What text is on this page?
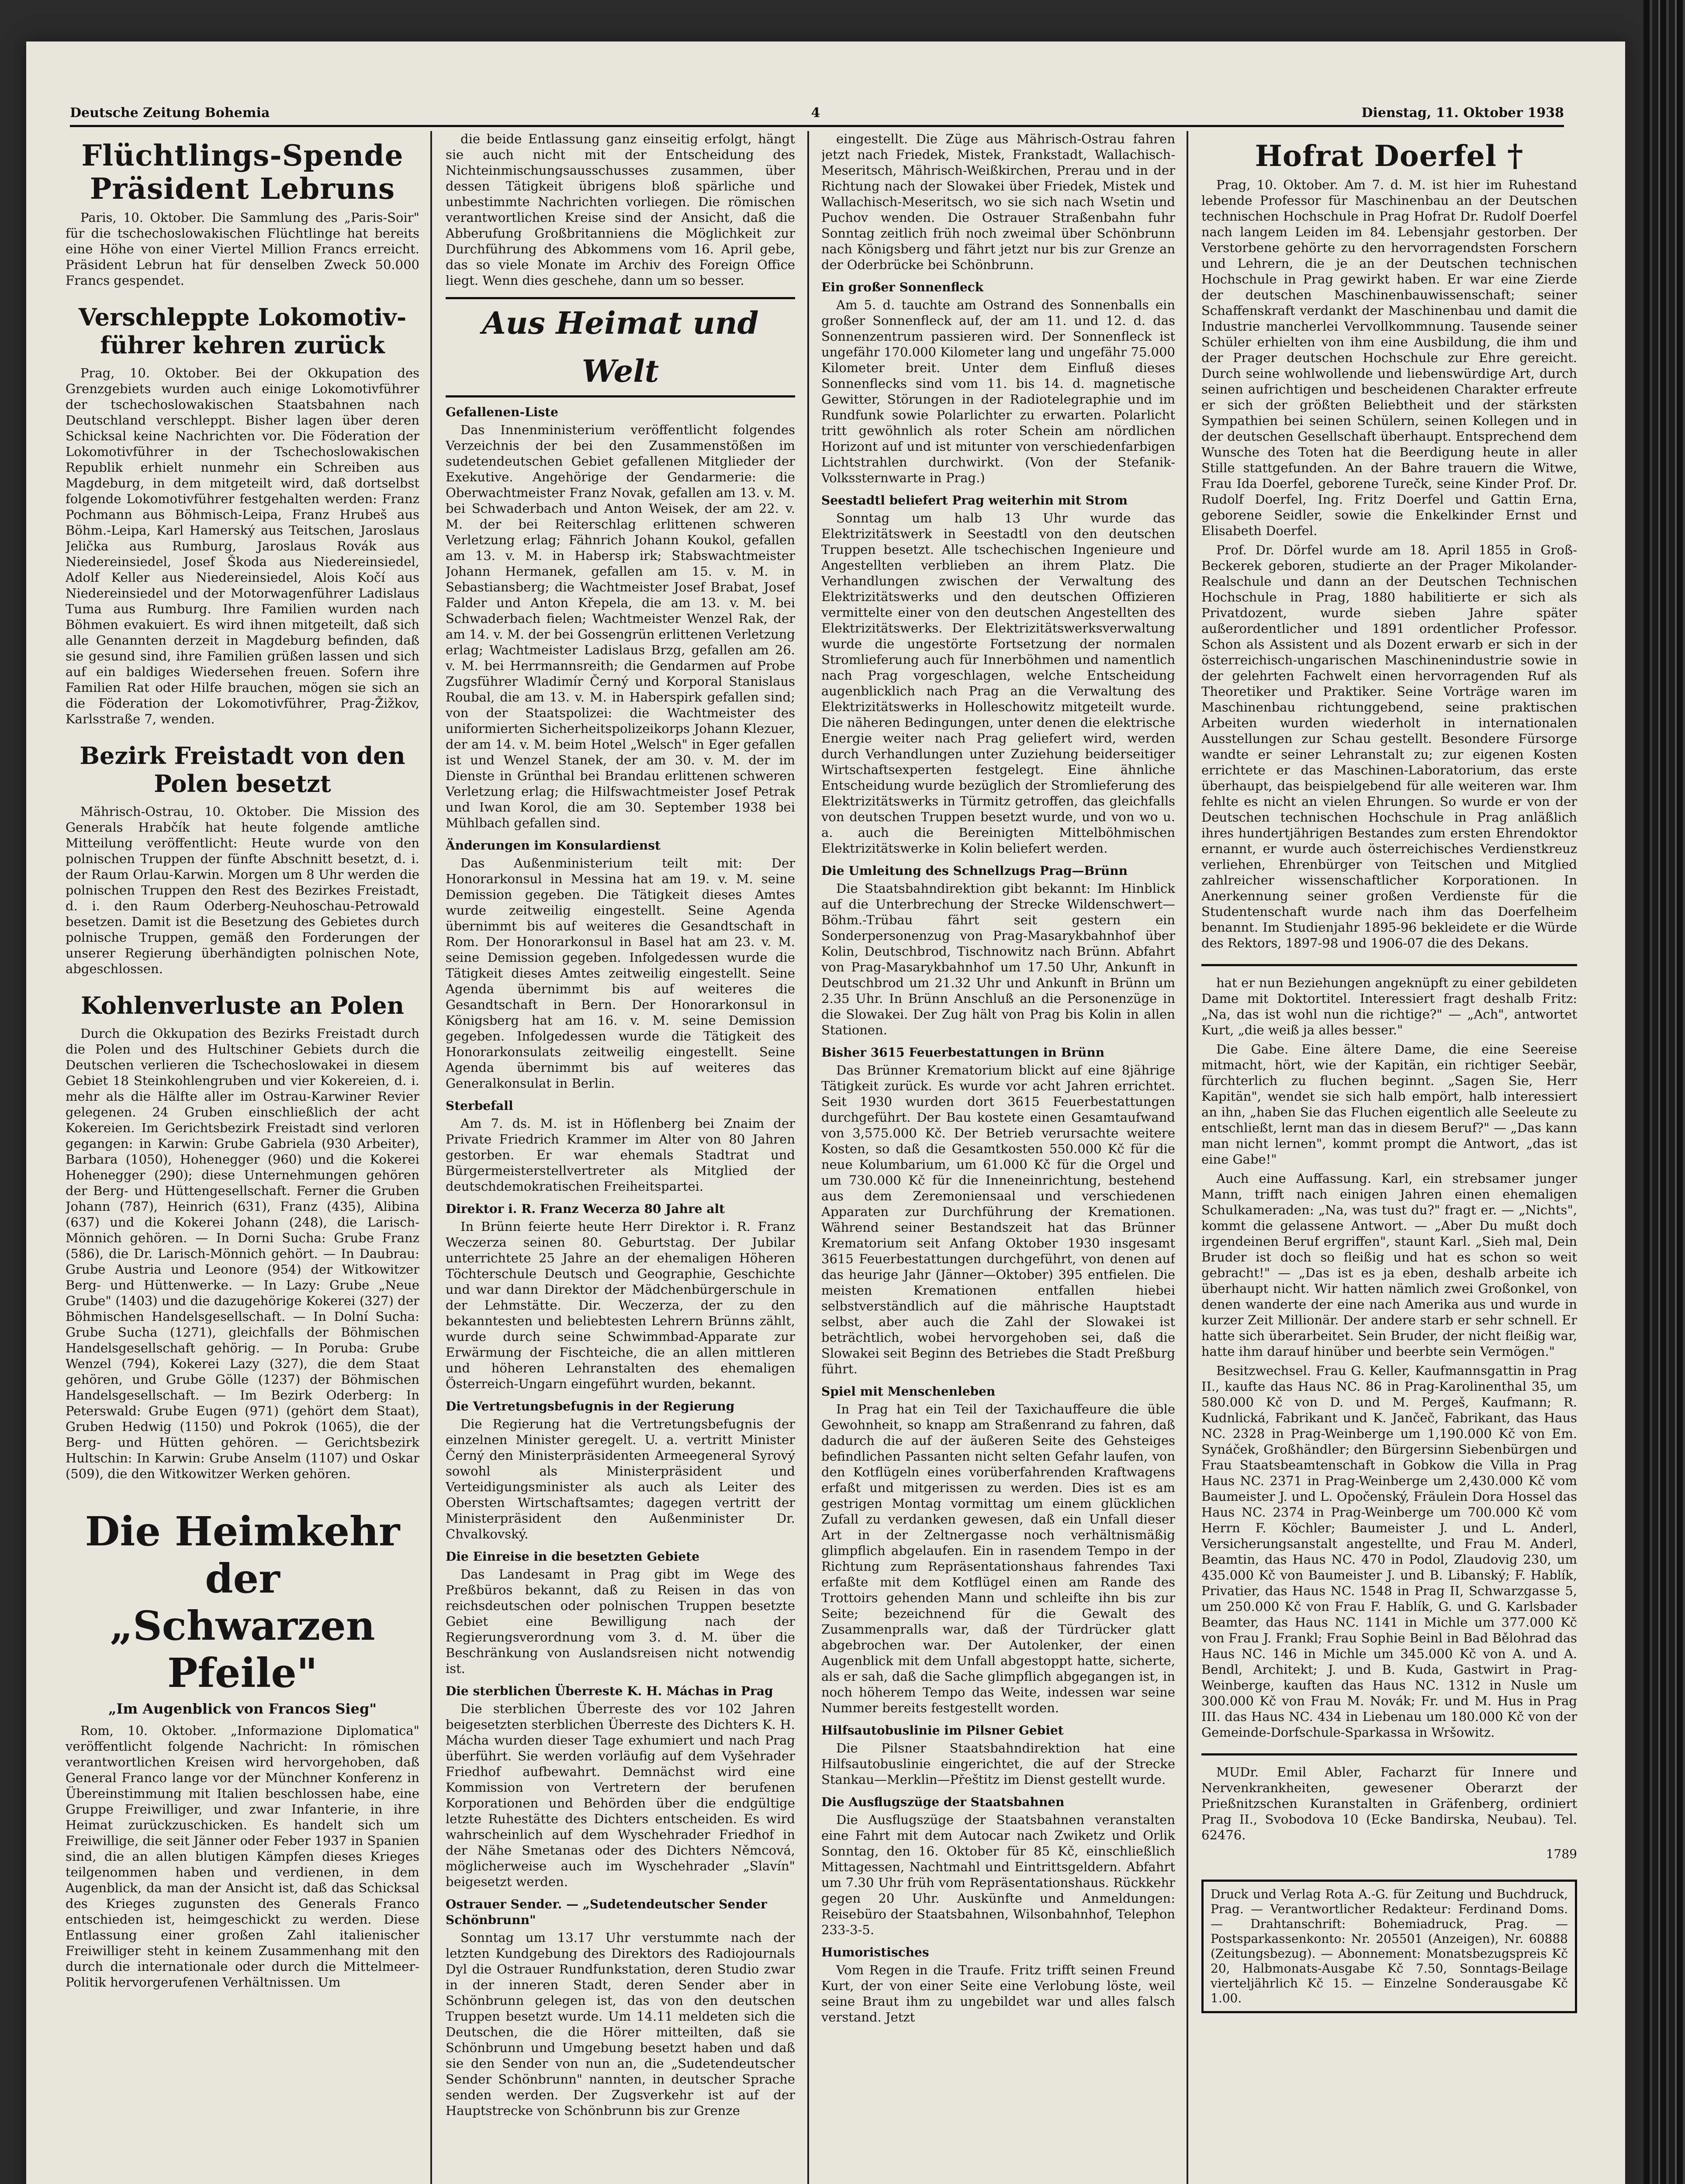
Deutsche Zeitung Bohemia	4	Dienstag, 11. Oktober 1938
Flüchtlings-Spende
Präsident Lebruns

Paris, 10. Oktober. Die Sammlung des „Paris-Soir" für die tschechoslowakischen Flüchtlinge hat bereits eine Höhe von einer Viertel Million Francs erreicht. Präsident Lebrun hat für denselben Zweck 50.000 Francs gespendet.

Verschleppte Lokomotiv-
führer kehren zurück

Prag, 10. Oktober. Bei der Okkupation des Grenzgebiets wurden auch einige Lokomotivführer der tschechoslowakischen Staatsbahnen nach Deutschland verschleppt. Bisher lagen über deren Schicksal keine Nachrichten vor. Die Föderation der Lokomotivführer in der Tschechoslowakischen Republik erhielt nunmehr ein Schreiben aus Magdeburg, in dem mitgeteilt wird, daß dortselbst folgende Lokomotivführer festgehalten werden: Franz Pochmann aus Böhmisch-Leipa, Franz Hrubeš aus Böhm.-Leipa, Karl Hamerský aus Teitschen, Jaroslaus Jelička aus Rumburg, Jaroslaus Rovák aus Niedereinsiedel, Josef Škoda aus Niedereinsiedel, Adolf Keller aus Niedereinsiedel, Alois Kočí aus Niedereinsiedel und der Motorwagenführer Ladislaus Tuma aus Rumburg. Ihre Familien wurden nach Böhmen evakuiert. Es wird ihnen mitgeteilt, daß sich alle Genannten derzeit in Magdeburg befinden, daß sie gesund sind, ihre Familien grüßen lassen und sich auf ein baldiges Wiedersehen freuen. Sofern ihre Familien Rat oder Hilfe brauchen, mögen sie sich an die Föderation der Lokomotivführer, Prag-Žižkov, Karlsstraße 7, wenden.

Bezirk Freistadt von den
Polen besetzt

Mährisch-Ostrau, 10. Oktober. Die Mission des Generals Hrabčík hat heute folgende amtliche Mitteilung veröffentlicht: Heute wurde von den polnischen Truppen der fünfte Abschnitt besetzt, d. i. der Raum Orlau-Karwin. Morgen um 8 Uhr werden die polnischen Truppen den Rest des Bezirkes Freistadt, d. i. den Raum Oderberg-Neuhoschau-Petrowald besetzen. Damit ist die Besetzung des Gebietes durch polnische Truppen, gemäß den Forderungen der unserer Regierung überhändigten polnischen Note, abgeschlossen.

Kohlenverluste an Polen

Durch die Okkupation des Bezirks Freistadt durch die Polen und des Hultschiner Gebiets durch die Deutschen verlieren die Tschechoslowakei in diesem Gebiet 18 Steinkohlengruben und vier Kokereien, d. i. mehr als die Hälfte aller im Ostrau-Karwiner Revier gelegenen. 24 Gruben einschließlich der acht Kokereien. Im Gerichtsbezirk Freistadt sind verloren gegangen: in Karwin: Grube Gabriela (930 Arbeiter), Barbara (1050), Hohenegger (960) und die Kokerei Hohenegger (290); diese Unternehmungen gehören der Berg- und Hüttengesellschaft. Ferner die Gruben Johann (787), Heinrich (631), Franz (435), Alibina (637) und die Kokerei Johann (248), die Larisch-Mönnich gehören. — In Dorni Sucha: Grube Franz (586), die Dr. Larisch-Mönnich gehört. — In Daubrau: Grube Austria und Leonore (954) der Witkowitzer Berg- und Hüttenwerke. — In Lazy: Grube „Neue Grube" (1403) und die dazugehörige Kokerei (327) der Böhmischen Handelsgesellschaft. — In Dolní Sucha: Grube Sucha (1271), gleichfalls der Böhmischen Handelsgesellschaft gehörig. — In Poruba: Grube Wenzel (794), Kokerei Lazy (327), die dem Staat gehören, und Grube Gölle (1237) der Böhmischen Handelsgesellschaft. — Im Bezirk Oderberg: In Peterswald: Grube Eugen (971) (gehört dem Staat), Gruben Hedwig (1150) und Pokrok (1065), die der Berg- und Hütten gehören. — Gerichtsbezirk Hultschin: In Karwin: Grube Anselm (1107) und Oskar (509), die den Witkowitzer Werken gehören.

Die Heimkehr
der „Schwarzen Pfeile"
„Im Augenblick von Francos Sieg"

Rom, 10. Oktober. „Informazione Diplomatica" veröffentlicht folgende Nachricht: In römischen verantwortlichen Kreisen wird hervorgehoben, daß General Franco lange vor der Münchner Konferenz in Übereinstimmung mit Italien beschlossen habe, eine Gruppe Freiwilliger, und zwar Infanterie, in ihre Heimat zurückzuschicken. Es handelt sich um Freiwillige, die seit Jänner oder Feber 1937 in Spanien sind, die an allen blutigen Kämpfen dieses Krieges teilgenommen haben und verdienen, in dem Augenblick, da man der Ansicht ist, daß das Schicksal des Krieges zugunsten des Generals Franco entschieden ist, heimgeschickt zu werden. Diese Entlassung einer großen Zahl italienischer Freiwilliger steht in keinem Zusammenhang mit den durch die internationale oder durch die Mittelmeer-Politik hervorgerufenen Verhältnissen. Um

die beide Entlassung ganz einseitig erfolgt, hängt sie auch nicht mit der Entscheidung des Nichteinmischungsausschusses zusammen, über dessen Tätigkeit übrigens bloß spärliche und unbestimmte Nachrichten vorliegen. Die römischen verantwortlichen Kreise sind der Ansicht, daß die Abberufung Großbritanniens die Möglichkeit zur Durchführung des Abkommens vom 16. April gebe, das so viele Monate im Archiv des Foreign Office liegt. Wenn dies geschehe, dann um so besser.

Aus Heimat und Welt
Gefallenen-Liste

Das Innenministerium veröffentlicht folgendes Verzeichnis der bei den Zusammenstößen im sudetendeutschen Gebiet gefallenen Mitglieder der Exekutive. Angehörige der Gendarmerie: die Oberwachtmeister Franz Novak, gefallen am 13. v. M. bei Schwaderbach und Anton Weisek, der am 22. v. M. der bei Reiterschlag erlittenen schweren Verletzung erlag; Fähnrich Johann Koukol, gefallen am 13. v. M. in Habersp irk; Stabswachtmeister Johann Hermanek, gefallen am 15. v. M. in Sebastiansberg; die Wachtmeister Josef Brabat, Josef Falder und Anton Křepela, die am 13. v. M. bei Schwaderbach fielen; Wachtmeister Wenzel Rak, der am 14. v. M. der bei Gossengrün erlittenen Verletzung erlag; Wachtmeister Ladislaus Brzg, gefallen am 26. v. M. bei Herrmannsreith; die Gendarmen auf Probe Zugsführer Wladimír Černý und Korporal Stanislaus Roubal, die am 13. v. M. in Haberspirk gefallen sind; von der Staatspolizei: die Wachtmeister des uniformierten Sicherheitspolizeikorps Johann Klezuer, der am 14. v. M. beim Hotel „Welsch" in Eger gefallen ist und Wenzel Stanek, der am 30. v. M. der im Dienste in Grünthal bei Brandau erlittenen schweren Verletzung erlag; die Hilfswachtmeister Josef Petrak und Iwan Korol, die am 30. September 1938 bei Mühlbach gefallen sind.

Änderungen im Konsulardienst

Das Außenministerium teilt mit: Der Honorarkonsul in Messina hat am 19. v. M. seine Demission gegeben. Die Tätigkeit dieses Amtes wurde zeitweilig eingestellt. Seine Agenda übernimmt bis auf weiteres die Gesandtschaft in Rom. Der Honorarkonsul in Basel hat am 23. v. M. seine Demission gegeben. Infolgedessen wurde die Tätigkeit dieses Amtes zeitweilig eingestellt. Seine Agenda übernimmt bis auf weiteres die Gesandtschaft in Bern. Der Honorarkonsul in Königsberg hat am 16. v. M. seine Demission gegeben. Infolgedessen wurde die Tätigkeit des Honorarkonsulats zeitweilig eingestellt. Seine Agenda übernimmt bis auf weiteres das Generalkonsulat in Berlin.

Sterbefall

Am 7. ds. M. ist in Höflenberg bei Znaim der Private Friedrich Krammer im Alter von 80 Jahren gestorben. Er war ehemals Stadtrat und Bürgermeisterstellvertreter als Mitglied der deutschdemokratischen Freiheitspartei.

Direktor i. R. Franz Wecerza 80 Jahre alt

In Brünn feierte heute Herr Direktor i. R. Franz Weczerza seinen 80. Geburtstag. Der Jubilar unterrichtete 25 Jahre an der ehemaligen Höheren Töchterschule Deutsch und Geographie, Geschichte und war dann Direktor der Mädchenbürgerschule in der Lehmstätte. Dir. Weczerza, der zu den bekanntesten und beliebtesten Lehrern Brünns zählt, wurde durch seine Schwimmbad-Apparate zur Erwärmung der Fischteiche, die an allen mittleren und höheren Lehranstalten des ehemaligen Österreich-Ungarn eingeführt wurden, bekannt.

Die Vertretungsbefugnis in der Regierung

Die Regierung hat die Vertretungsbefugnis der einzelnen Minister geregelt. U. a. vertritt Minister Černý den Ministerpräsidenten Armeegeneral Syrový sowohl als Ministerpräsident und Verteidigungsminister als auch als Leiter des Obersten Wirtschaftsamtes; dagegen vertritt der Ministerpräsident den Außenminister Dr. Chvalkovský.

Die Einreise in die besetzten Gebiete

Das Landesamt in Prag gibt im Wege des Preßbüros bekannt, daß zu Reisen in das von reichsdeutschen oder polnischen Truppen besetzte Gebiet eine Bewilligung nach der Regierungsverordnung vom 3. d. M. über die Beschränkung von Auslandsreisen nicht notwendig ist.

Die sterblichen Überreste K. H. Máchas in Prag

Die sterblichen Überreste des vor 102 Jahren beigesetzten sterblichen Überreste des Dichters K. H. Mácha wurden dieser Tage exhumiert und nach Prag überführt. Sie werden vorläufig auf dem Vyšehrader Friedhof aufbewahrt. Demnächst wird eine Kommission von Vertretern der berufenen Korporationen und Behörden über die endgültige letzte Ruhestätte des Dichters entscheiden. Es wird wahrscheinlich auf dem Wyschehrader Friedhof in der Nähe Smetanas oder des Dichters Němcová, möglicherweise auch im Wyschehrader „Slavín" beigesetzt werden.

Ostrauer Sender. — „Sudetendeutscher Sender Schönbrunn"

Sonntag um 13.17 Uhr verstummte nach der letzten Kundgebung des Direktors des Radiojournals Dyl die Ostrauer Rundfunkstation, deren Studio zwar in der inneren Stadt, deren Sender aber in Schönbrunn gelegen ist, das von den deutschen Truppen besetzt wurde. Um 14.11 meldeten sich die Deutschen, die die Hörer mitteilten, daß sie Schönbrunn und Umgebung besetzt haben und daß sie den Sender von nun an, die „Sudetendeutscher Sender Schönbrunn" nannten, in deutscher Sprache senden werden. Der Zugsverkehr ist auf der Hauptstrecke von Schönbrunn bis zur Grenze

eingestellt. Die Züge aus Mährisch-Ostrau fahren jetzt nach Friedek, Mistek, Frankstadt, Wallachisch-Meseritsch, Mährisch-Weißkirchen, Prerau und in der Richtung nach der Slowakei über Friedek, Mistek und Wallachisch-Meseritsch, wo sie sich nach Wsetin und Puchov wenden. Die Ostrauer Straßenbahn fuhr Sonntag zeitlich früh noch zweimal über Schönbrunn nach Königsberg und fährt jetzt nur bis zur Grenze an der Oderbrücke bei Schönbrunn.

Ein großer Sonnenfleck

Am 5. d. tauchte am Ostrand des Sonnenballs ein großer Sonnenfleck auf, der am 11. und 12. d. das Sonnenzentrum passieren wird. Der Sonnenfleck ist ungefähr 170.000 Kilometer lang und ungefähr 75.000 Kilometer breit. Unter dem Einfluß dieses Sonnenflecks sind vom 11. bis 14. d. magnetische Gewitter, Störungen in der Radiotelegraphie und im Rundfunk sowie Polarlichter zu erwarten. Polarlicht tritt gewöhnlich als roter Schein am nördlichen Horizont auf und ist mitunter von verschiedenfarbigen Lichtstrahlen durchwirkt. (Von der Stefanik-Volkssternwarte in Prag.)

Seestadtl beliefert Prag weiterhin mit Strom

Sonntag um halb 13 Uhr wurde das Elektrizitätswerk in Seestadtl von den deutschen Truppen besetzt. Alle tschechischen Ingenieure und Angestellten verblieben an ihrem Platz. Die Verhandlungen zwischen der Verwaltung des Elektrizitätswerks und den deutschen Offizieren vermittelte einer von den deutschen Angestellten des Elektrizitätswerks. Der Elektrizitätswerksverwaltung wurde die ungestörte Fortsetzung der normalen Stromlieferung auch für Innerböhmen und namentlich nach Prag vorgeschlagen, welche Entscheidung augenblicklich nach Prag an die Verwaltung des Elektrizitätswerks in Holleschowitz mitgeteilt wurde. Die näheren Bedingungen, unter denen die elektrische Energie weiter nach Prag geliefert wird, werden durch Verhandlungen unter Zuziehung beiderseitiger Wirtschaftsexperten festgelegt. Eine ähnliche Entscheidung wurde bezüglich der Stromlieferung des Elektrizitätswerks in Türmitz getroffen, das gleichfalls von deutschen Truppen besetzt wurde, und von wo u. a. auch die Bereinigten Mittelböhmischen Elektrizitätswerke in Kolin beliefert werden.

Die Umleitung des Schnellzugs Prag—Brünn

Die Staatsbahndirektion gibt bekannt: Im Hinblick auf die Unterbrechung der Strecke Wildenschwert—Böhm.-Trübau fährt seit gestern ein Sonderpersonenzug von Prag-Masarykbahnhof über Kolin, Deutschbrod, Tischnowitz nach Brünn. Abfahrt von Prag-Masarykbahnhof um 17.50 Uhr, Ankunft in Deutschbrod um 21.32 Uhr und Ankunft in Brünn um 2.35 Uhr. In Brünn Anschluß an die Personenzüge in die Slowakei. Der Zug hält von Prag bis Kolin in allen Stationen.

Bisher 3615 Feuerbestattungen in Brünn

Das Brünner Krematorium blickt auf eine 8jährige Tätigkeit zurück. Es wurde vor acht Jahren errichtet. Seit 1930 wurden dort 3615 Feuerbestattungen durchgeführt. Der Bau kostete einen Gesamtaufwand von 3,575.000 Kč. Der Betrieb verursachte weitere Kosten, so daß die Gesamtkosten 550.000 Kč für die neue Kolumbarium, um 61.000 Kč für die Orgel und um 730.000 Kč für die Inneneinrichtung, bestehend aus dem Zeremoniensaal und verschiedenen Apparaten zur Durchführung der Kremationen. Während seiner Bestandszeit hat das Brünner Krematorium seit Anfang Oktober 1930 insgesamt 3615 Feuerbestattungen durchgeführt, von denen auf das heurige Jahr (Jänner—Oktober) 395 entfielen. Die meisten Kremationen entfallen hiebei selbstverständlich auf die mährische Hauptstadt selbst, aber auch die Zahl der Slowakei ist beträchtlich, wobei hervorgehoben sei, daß die Slowakei seit Beginn des Betriebes die Stadt Preßburg führt.

Spiel mit Menschenleben

In Prag hat ein Teil der Taxichauffeure die üble Gewohnheit, so knapp am Straßenrand zu fahren, daß dadurch die auf der äußeren Seite des Gehsteiges befindlichen Passanten nicht selten Gefahr laufen, von den Kotflügeln eines vorüberfahrenden Kraftwagens erfaßt und mitgerissen zu werden. Dies ist es am gestrigen Montag vormittag um einem glücklichen Zufall zu verdanken gewesen, daß ein Unfall dieser Art in der Zeltnergasse noch verhältnismäßig glimpflich abgelaufen. Ein in rasendem Tempo in der Richtung zum Repräsentationshaus fahrendes Taxi erfaßte mit dem Kotflügel einen am Rande des Trottoirs gehenden Mann und schleifte ihn bis zur Seite; bezeichnend für die Gewalt des Zusammenpralls war, daß der Türdrücker glatt abgebrochen war. Der Autolenker, der einen Augenblick mit dem Unfall abgestoppt hatte, sicherte, als er sah, daß die Sache glimpflich abgegangen ist, in noch höherem Tempo das Weite, indessen war seine Nummer bereits festgestellt worden.

Hilfsautobuslinie im Pilsner Gebiet

Die Pilsner Staatsbahndirektion hat eine Hilfsautobuslinie eingerichtet, die auf der Strecke Stankau—Merklin—Přeštitz im Dienst gestellt wurde.

Die Ausflugszüge der Staatsbahnen

Die Ausflugszüge der Staatsbahnen veranstalten eine Fahrt mit dem Autocar nach Zwiketz und Orlik Sonntag, den 16. Oktober für 85 Kč, einschließlich Mittagessen, Nachtmahl und Eintrittsgeldern. Abfahrt um 7.30 Uhr früh vom Repräsentationshaus. Rückkehr gegen 20 Uhr. Auskünfte und Anmeldungen: Reisebüro der Staatsbahnen, Wilsonbahnhof, Telephon 233-3-5.

Humoristisches

Vom Regen in die Traufe. Fritz trifft seinen Freund Kurt, der von einer Seite eine Verlobung löste, weil seine Braut ihm zu ungebildet war und alles falsch verstand. Jetzt

Hofrat Doerfel †

Prag, 10. Oktober. Am 7. d. M. ist hier im Ruhestand lebende Professor für Maschinenbau an der Deutschen technischen Hochschule in Prag Hofrat Dr. Rudolf Doerfel nach langem Leiden im 84. Lebensjahr gestorben. Der Verstorbene gehörte zu den hervorragendsten Forschern und Lehrern, die je an der Deutschen technischen Hochschule in Prag gewirkt haben. Er war eine Zierde der deutschen Maschinenbauwissenschaft; seiner Schaffenskraft verdankt der Maschinenbau und damit die Industrie mancherlei Vervollkommnung. Tausende seiner Schüler erhielten von ihm eine Ausbildung, die ihm und der Prager deutschen Hochschule zur Ehre gereicht. Durch seine wohlwollende und liebenswürdige Art, durch seinen aufrichtigen und bescheidenen Charakter erfreute er sich der größten Beliebtheit und der stärksten Sympathien bei seinen Schülern, seinen Kollegen und in der deutschen Gesellschaft überhaupt. Entsprechend dem Wunsche des Toten hat die Beerdigung heute in aller Stille stattgefunden. An der Bahre trauern die Witwe, Frau Ida Doerfel, geborene Turečk, seine Kinder Prof. Dr. Rudolf Doerfel, Ing. Fritz Doerfel und Gattin Erna, geborene Seidler, sowie die Enkelkinder Ernst und Elisabeth Doerfel.

Prof. Dr. Dörfel wurde am 18. April 1855 in Groß-Beckerek geboren, studierte an der Prager Mikolander-Realschule und dann an der Deutschen Technischen Hochschule in Prag, 1880 habilitierte er sich als Privatdozent, wurde sieben Jahre später außerordentlicher und 1891 ordentlicher Professor. Schon als Assistent und als Dozent erwarb er sich in der österreichisch-ungarischen Maschinenindustrie sowie in der gelehrten Fachwelt einen hervorragenden Ruf als Theoretiker und Praktiker. Seine Vorträge waren im Maschinenbau richtunggebend, seine praktischen Arbeiten wurden wiederholt in internationalen Ausstellungen zur Schau gestellt. Besondere Fürsorge wandte er seiner Lehranstalt zu; zur eigenen Kosten errichtete er das Maschinen-Laboratorium, das erste überhaupt, das beispielgebend für alle weiteren war. Ihm fehlte es nicht an vielen Ehrungen. So wurde er von der Deutschen technischen Hochschule in Prag anläßlich ihres hundertjährigen Bestandes zum ersten Ehrendoktor ernannt, er wurde auch österreichisches Verdienstkreuz verliehen, Ehrenbürger von Teitschen und Mitglied zahlreicher wissenschaftlicher Korporationen. In Anerkennung seiner großen Verdienste für die Studentenschaft wurde nach ihm das Doerfelheim benannt. Im Studienjahr 1895-96 bekleidete er die Würde des Rektors, 1897-98 und 1906-07 die des Dekans.

hat er nun Beziehungen angeknüpft zu einer gebildeten Dame mit Doktortitel. Interessiert fragt deshalb Fritz: „Na, das ist wohl nun die richtige?" — „Ach", antwortet Kurt, „die weiß ja alles besser."

Die Gabe. Eine ältere Dame, die eine Seereise mitmacht, hört, wie der Kapitän, ein richtiger Seebär, fürchterlich zu fluchen beginnt. „Sagen Sie, Herr Kapitän", wendet sie sich halb empört, halb interessiert an ihn, „haben Sie das Fluchen eigentlich alle Seeleute zu entschließt, lernt man das in diesem Beruf?" — „Das kann man nicht lernen", kommt prompt die Antwort, „das ist eine Gabe!"

Auch eine Auffassung. Karl, ein strebsamer junger Mann, trifft nach einigen Jahren einen ehemaligen Schulkameraden: „Na, was tust du?" fragt er. — „Nichts", kommt die gelassene Antwort. — „Aber Du mußt doch irgendeinen Beruf ergriffen", staunt Karl. „Sieh mal, Dein Bruder ist doch so fleißig und hat es schon so weit gebracht!" — „Das ist es ja eben, deshalb arbeite ich überhaupt nicht. Wir hatten nämlich zwei Großonkel, von denen wanderte der eine nach Amerika aus und wurde in kurzer Zeit Millionär. Der andere starb er sehr schnell. Er hatte sich überarbeitet. Sein Bruder, der nicht fleißig war, hatte ihm darauf hinüber und beerbte sein Vermögen."

Besitzwechsel. Frau G. Keller, Kaufmannsgattin in Prag II., kaufte das Haus NC. 86 in Prag-Karolinenthal 35, um 580.000 Kč von D. und M. Pergeš, Kaufmann; R. Kudnlická, Fabrikant und K. Jančeč, Fabrikant, das Haus NC. 2328 in Prag-Weinberge um 1,190.000 Kč von Em. Synáček, Großhändler; den Bürgersinn Siebenbürgen und Frau Staatsbeamtenschaft in Gobkow die Villa in Prag Haus NC. 2371 in Prag-Weinberge um 2,430.000 Kč vom Baumeister J. und L. Opočenský, Fräulein Dora Hossel das Haus NC. 2374 in Prag-Weinberge um 700.000 Kč vom Herrn F. Köchler; Baumeister J. und L. Anderl, Versicherungsanstalt angestellte, und Frau M. Anderl, Beamtin, das Haus NC. 470 in Podol, Zlaudovig 230, um 435.000 Kč von Baumeister J. und B. Libanský; F. Hablík, Privatier, das Haus NC. 1548 in Prag II, Schwarzgasse 5, um 250.000 Kč von Frau F. Hablík, G. und G. Karlsbader Beamter, das Haus NC. 1141 in Michle um 377.000 Kč von Frau J. Frankl; Frau Sophie Beinl in Bad Bělohrad das Haus NC. 146 in Michle um 345.000 Kč von A. und A. Bendl, Architekt; J. und B. Kuda, Gastwirt in Prag-Weinberge, kauften das Haus NC. 1312 in Nusle um 300.000 Kč von Frau M. Novák; Fr. und M. Hus in Prag III. das Haus NC. 434 in Liebenau um 180.000 Kč von der Gemeinde-Dorfschule-Sparkassa in Wršowitz.

MUDr. Emil Abler, Facharzt für Innere und Nervenkrankheiten, gewesener Oberarzt der Prießnitzschen Kuranstalten in Gräfenberg, ordiniert Prag II., Svobodova 10 (Ecke Bandirska, Neubau). Tel. 62476.

1789
Druck und Verlag Rota A.-G. für Zeitung und Buchdruck, Prag. — Verantwortlicher Redakteur: Ferdinand Doms. — Drahtanschrift: Bohemiadruck, Prag. — Postsparkassenkonto: Nr. 205501 (Anzeigen), Nr. 60888 (Zeitungsbezug). — Abonnement: Monatsbezugspreis Kč 20, Halbmonats-Ausgabe Kč 7.50, Sonntags-Beilage vierteljährlich Kč 15. — Einzelne Sonderausgabe Kč 1.00.
